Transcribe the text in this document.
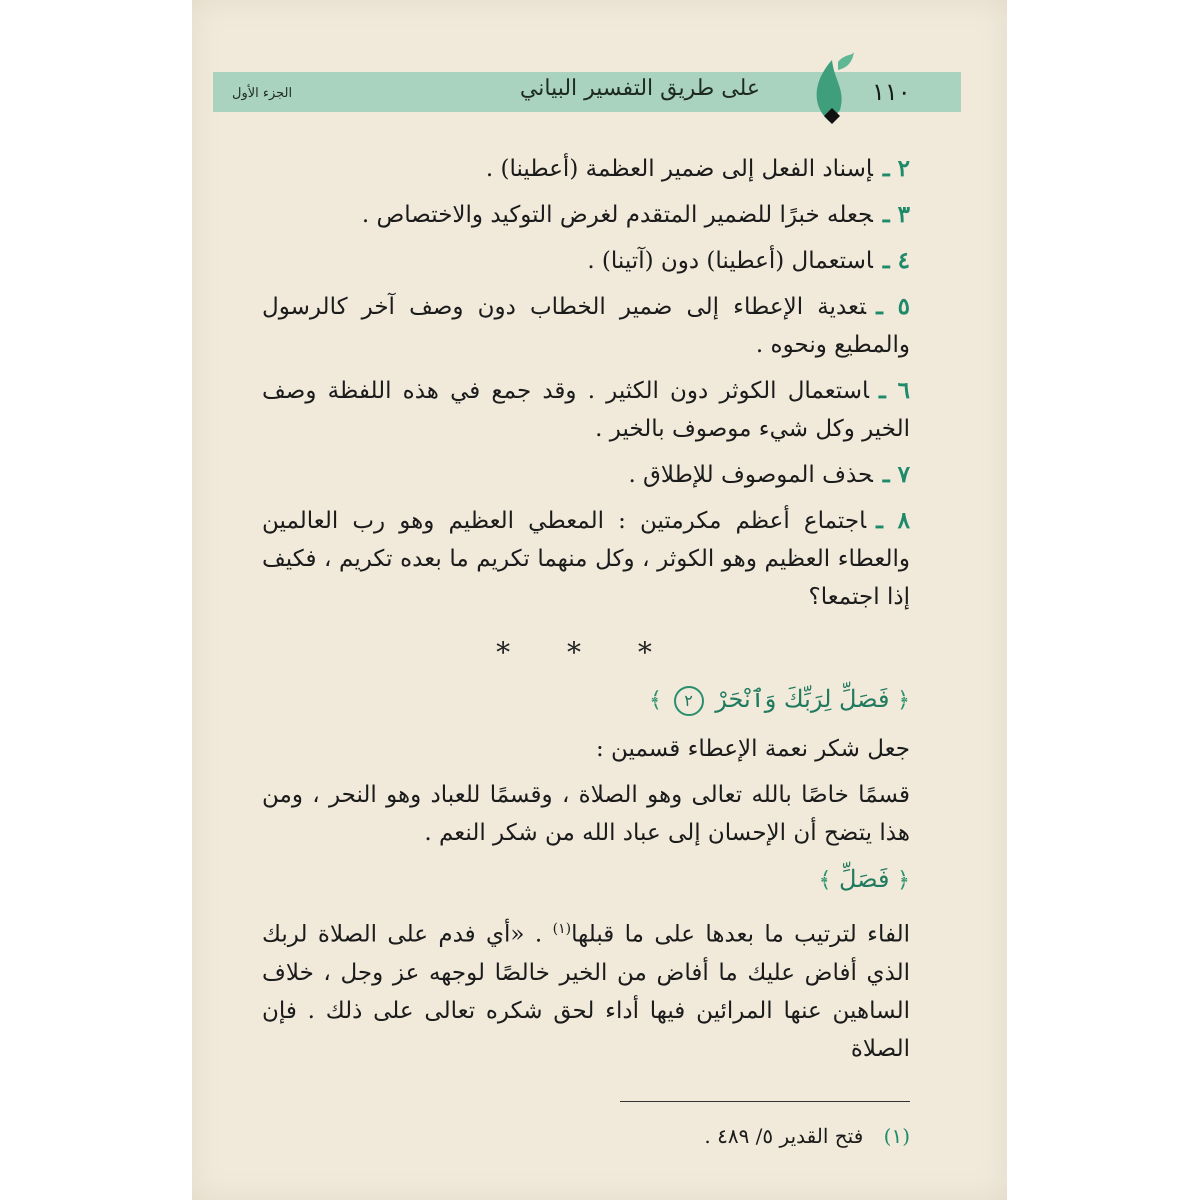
على طريق التفسير البياني
الجزء الأول	١١٠

٢ ـإسناد الفعل إلى ضمير العظمة (أعطينا) .

٣ ـجعله خبرًا للضمير المتقدم لغرض التوكيد والاختصاص .

٤ ـاستعمال (أعطينا) دون (آتينا) .

٥ ـتعدية الإعطاء إلى ضمير الخطاب دون وصف آخر كالرسول والمطيع ونحوه .

٦ ـاستعمال الكوثر دون الكثير . وقد جمع في هذه اللفظة وصف الخير وكل شيء موصوف بالخير .

٧ ـحذف الموصوف للإطلاق .

٨ ـاجتماع أعظم مكرمتين : المعطي العظيم وهو رب العالمين والعطاء العظيم وهو الكوثر ، وكل منهما تكريم ما بعده تكريم ، فكيف إذا اجتمعا؟

* * *
﴿ فَصَلِّ لِرَبِّكَ وَٱنْحَرْ ٢ ﴾

جعل شكر نعمة الإعطاء قسمين :

قسمًا خاصًا بالله تعالى وهو الصلاة ، وقسمًا للعباد وهو النحر ، ومن هذا يتضح أن الإحسان إلى عباد الله من شكر النعم .

﴿ فَصَلِّ ﴾

الفاء لترتيب ما بعدها على ما قبلها$^{(١)}$ . «أي فدم على الصلاة لربك الذي أفاض عليك ما أفاض من الخير خالصًا لوجهه عز وجل ، خلاف الساهين عنها المرائين فيها أداء لحق شكره تعالى على ذلك . فإن الصلاة

(١) فتح القدير ٥/ ٤٨٩ .
